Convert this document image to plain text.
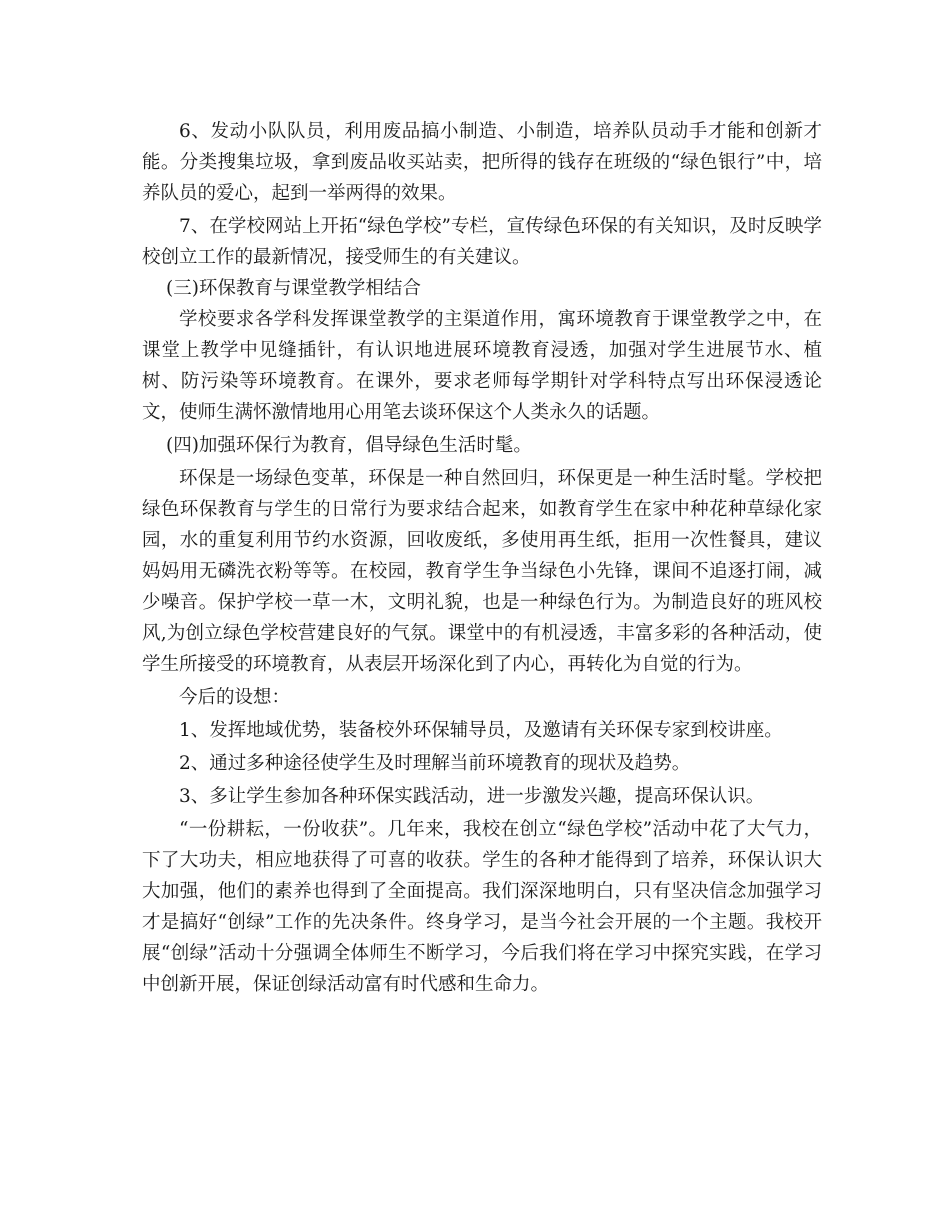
6、发动小队队员，利用废品搞小制造、小制造，培养队员动手才能和创新才能。分类搜集垃圾，拿到废品收买站卖，把所得的钱存在班级的“绿色银行”中，培养队员的爱心，起到一举两得的效果。

7、在学校网站上开拓“绿色学校”专栏，宣传绿色环保的有关知识，及时反映学校创立工作的最新情况，接受师生的有关建议。

(三)环保教育与课堂教学相结合

学校要求各学科发挥课堂教学的主渠道作用，寓环境教育于课堂教学之中，在课堂上教学中见缝插针，有认识地进展环境教育浸透，加强对学生进展节水、植树、防污染等环境教育。在课外，要求老师每学期针对学科特点写出环保浸透论文，使师生满怀激情地用心用笔去谈环保这个人类永久的话题。

(四)加强环保行为教育，倡导绿色生活时髦。

环保是一场绿色变革，环保是一种自然回归，环保更是一种生活时髦。学校把绿色环保教育与学生的日常行为要求结合起来，如教育学生在家中种花种草绿化家园，水的重复利用节约水资源，回收废纸，多使用再生纸，拒用一次性餐具，建议妈妈用无磷洗衣粉等等。在校园，教育学生争当绿色小先锋，课间不追逐打闹，减少噪音。保护学校一草一木，文明礼貌，也是一种绿色行为。为制造良好的班风校风,为创立绿色学校营建良好的气氛。课堂中的有机浸透，丰富多彩的各种活动，使学生所接受的环境教育，从表层开场深化到了内心，再转化为自觉的行为。

今后的设想：

1、发挥地域优势，装备校外环保辅导员，及邀请有关环保专家到校讲座。

2、通过多种途径使学生及时理解当前环境教育的现状及趋势。

3、多让学生参加各种环保实践活动，进一步激发兴趣，提高环保认识。

“一份耕耘，一份收获”。几年来，我校在创立“绿色学校”活动中花了大气力，下了大功夫，相应地获得了可喜的收获。学生的各种才能得到了培养，环保认识大大加强，他们的素养也得到了全面提高。我们深深地明白，只有坚决信念加强学习才是搞好“创绿”工作的先决条件。终身学习，是当今社会开展的一个主题。我校开展“创绿”活动十分强调全体师生不断学习，今后我们将在学习中探究实践，在学习中创新开展，保证创绿活动富有时代感和生命力。
